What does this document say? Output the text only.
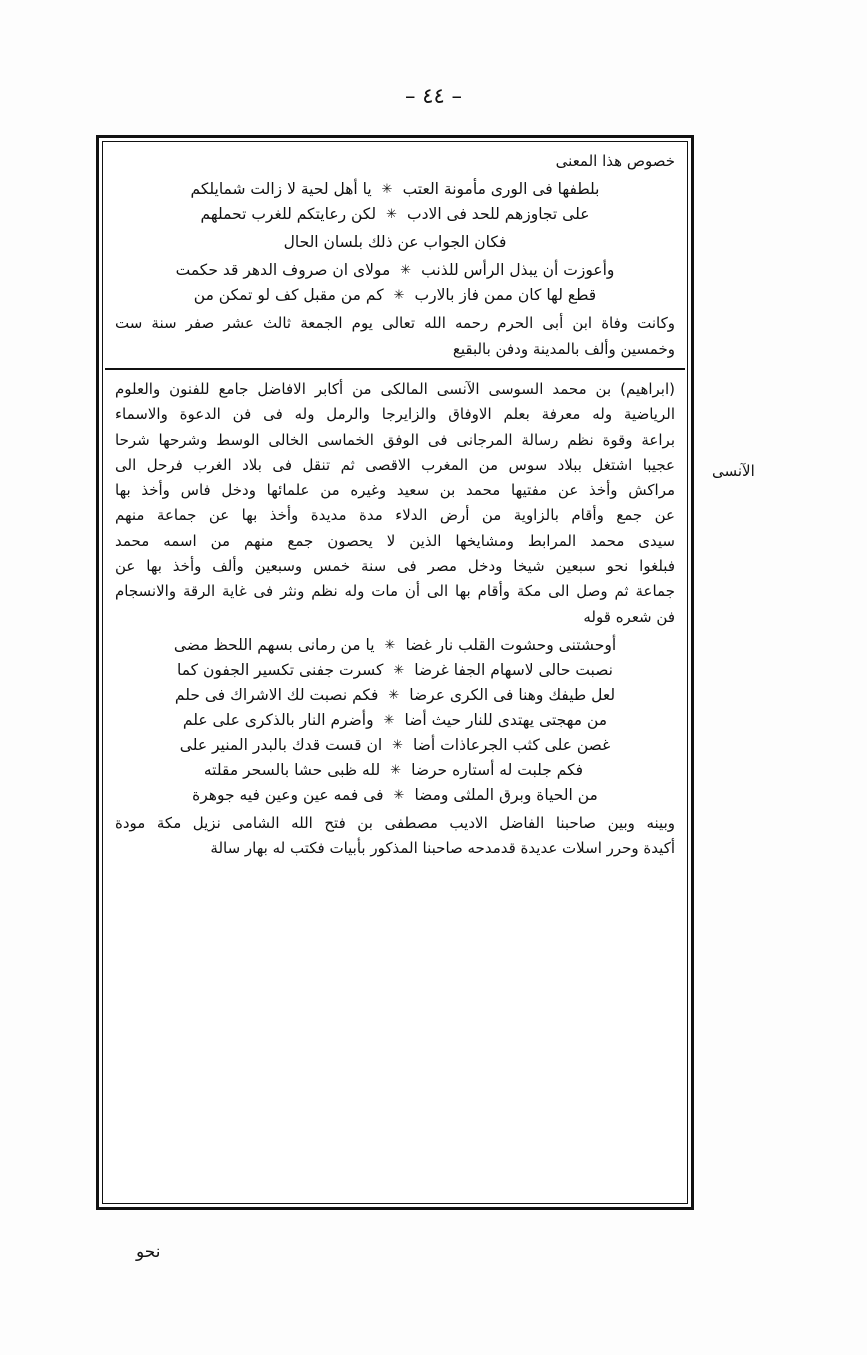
– ٤٤ –
خصوص هذا المعنى
بلطفها فى الورى مأمونة العتب
✳
يا أهل لحية لا زالت شمايلكم
على تجاوزهم للحد فى الادب
✳
لكن رعايتكم للغرب تحملهم
فكان الجواب عن ذلك بلسان الحال
وأعوزت أن يبذل الرأس للذنب
✳
مولاى ان صروف الدهر قد حكمت
قطع لها كان ممن فاز بالارب
✳
كم من مقبل كف لو تمكن من
وكانت وفاة ابن أبى الحرم رحمه الله تعالى يوم الجمعة ثالث عشر صفر سنة ست
وخمسين وألف بالمدينة ودفن بالبقيع
(ابراهيم) بن محمد السوسى الآنسى المالكى من أكابر الافاضل جامع للفنون والعلوم
الرياضية ولە معرفة بعلم الاوفاق والزايرجا والرمل ولە فى فن الدعوة والاسماء
براعة وقوة نظم رسالة المرجانى فى الوفق الخماسى الخالى الوسط وشرحها شرحا
عجيبا اشتغل ببلاد سوس من المغرب الاقصى ثم تنقل فى بلاد الغرب فرحل الى
مراكش وأخذ عن مفتيها محمد بن سعيد وغيره من علمائها ودخل فاس وأخذ بها
عن جمع وأقام بالزاوية من أرض الدلاء مدة مديدة وأخذ بها عن جماعة منهم
سيدى محمد المرابط ومشايخها الذين لا يحصون جمع منهم من اسمه محمد
فبلغوا نحو سبعين شيخا ودخل مصر فى سنة خمس وسبعين وألف وأخذ بها عن
جماعة ثم وصل الى مكة وأقام بها الى أن مات ولە نظم ونثر فى غاية الرقة والانسجام
فن شعره قوله
أوحشتنى وحشوت القلب نار غضا
✳
يا من رمانى بسهم اللحظ مضى
نصبت حالى لاسهام الجفا غرضا
✳
كسرت جفنى تكسير الجفون كما
لعل طيفك وهنا فى الكرى عرضا
✳
فكم نصبت لك الاشراك فى حلم
من مهجتى يهتدى للنار حيث أضا
✳
وأضرم النار بالذكرى على علم
غصن على كثب الجرعاذات أضا
✳
ان قست قدك بالبدر المنير على
فكم جلبت لە أستاره حرضا
✳
لله ظبى حشا بالسحر مقلته
من الحياة وبرق الملثى ومضا
✳
فى فمه عين وعين فيه جوهرة
وبينه وبين صاحبنا الفاضل الاديب مصطفى بن فتح الله الشامى نزيل مكة مودة
أكيدة وحرر اسلات عديدة قدمدحه صاحبنا المذكور بأبيات فكتب لە بهار سالة
الآنسى
نحو
